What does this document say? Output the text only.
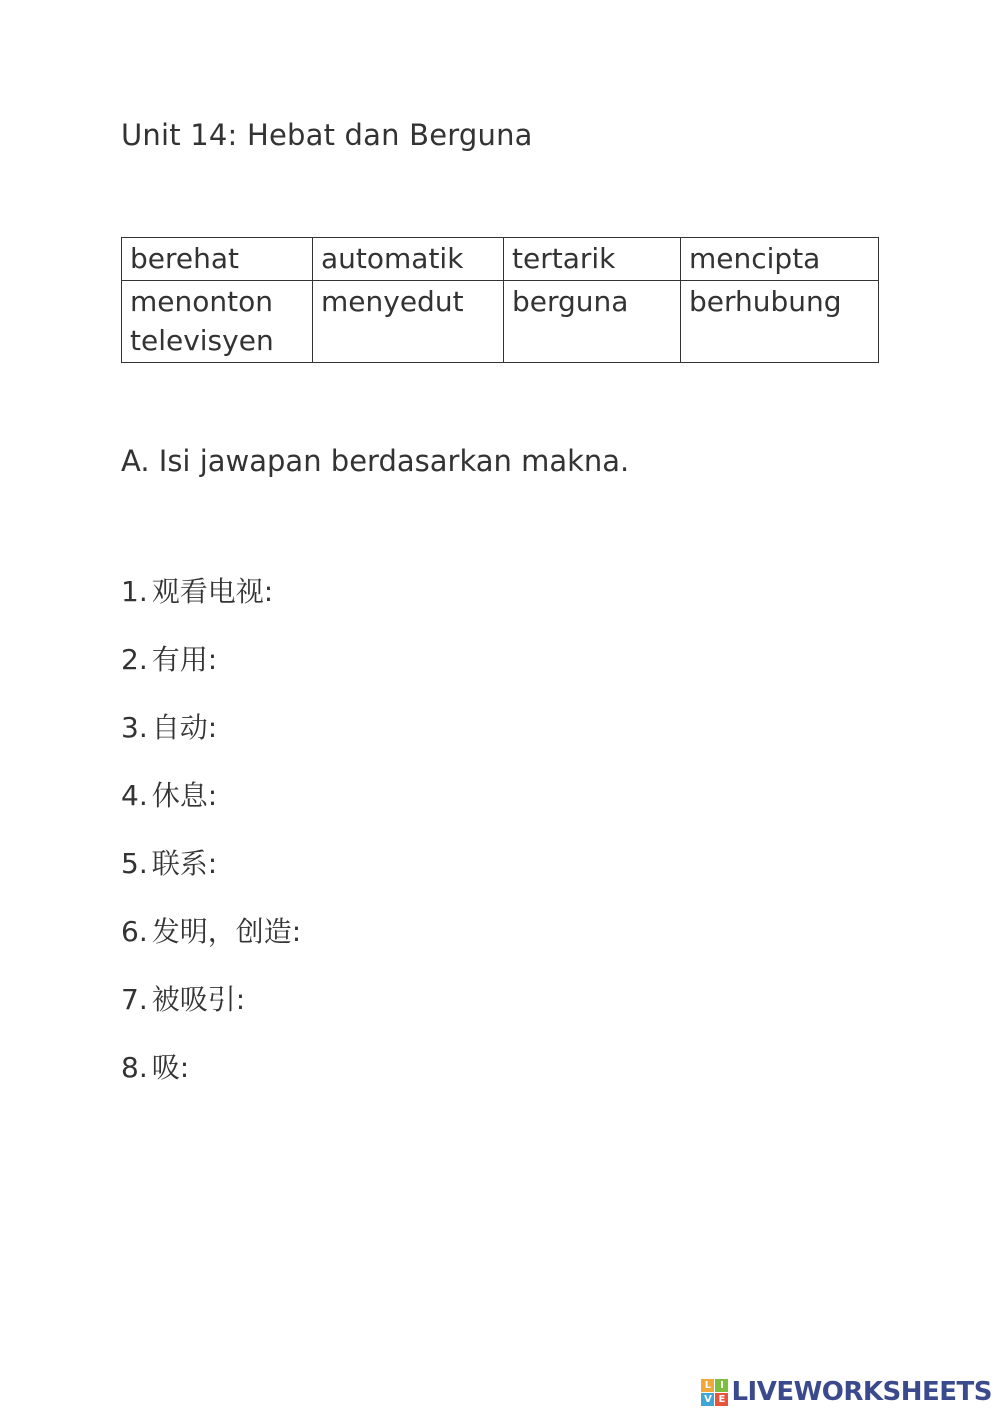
Unit 14: Hebat dan Berguna
berehat	automatik	tertarik	mencipta
menonton televisyen	menyedut	berguna	berhubung
A. Isi jawapan berdasarkan makna.
1. 观看电视:
2. 有用:
3. 自动:
4. 休息:
5. 联系:
6. 发明，创造:
7. 被吸引:
8. 吸:
L I
V E LIVEWORKSHEETS
